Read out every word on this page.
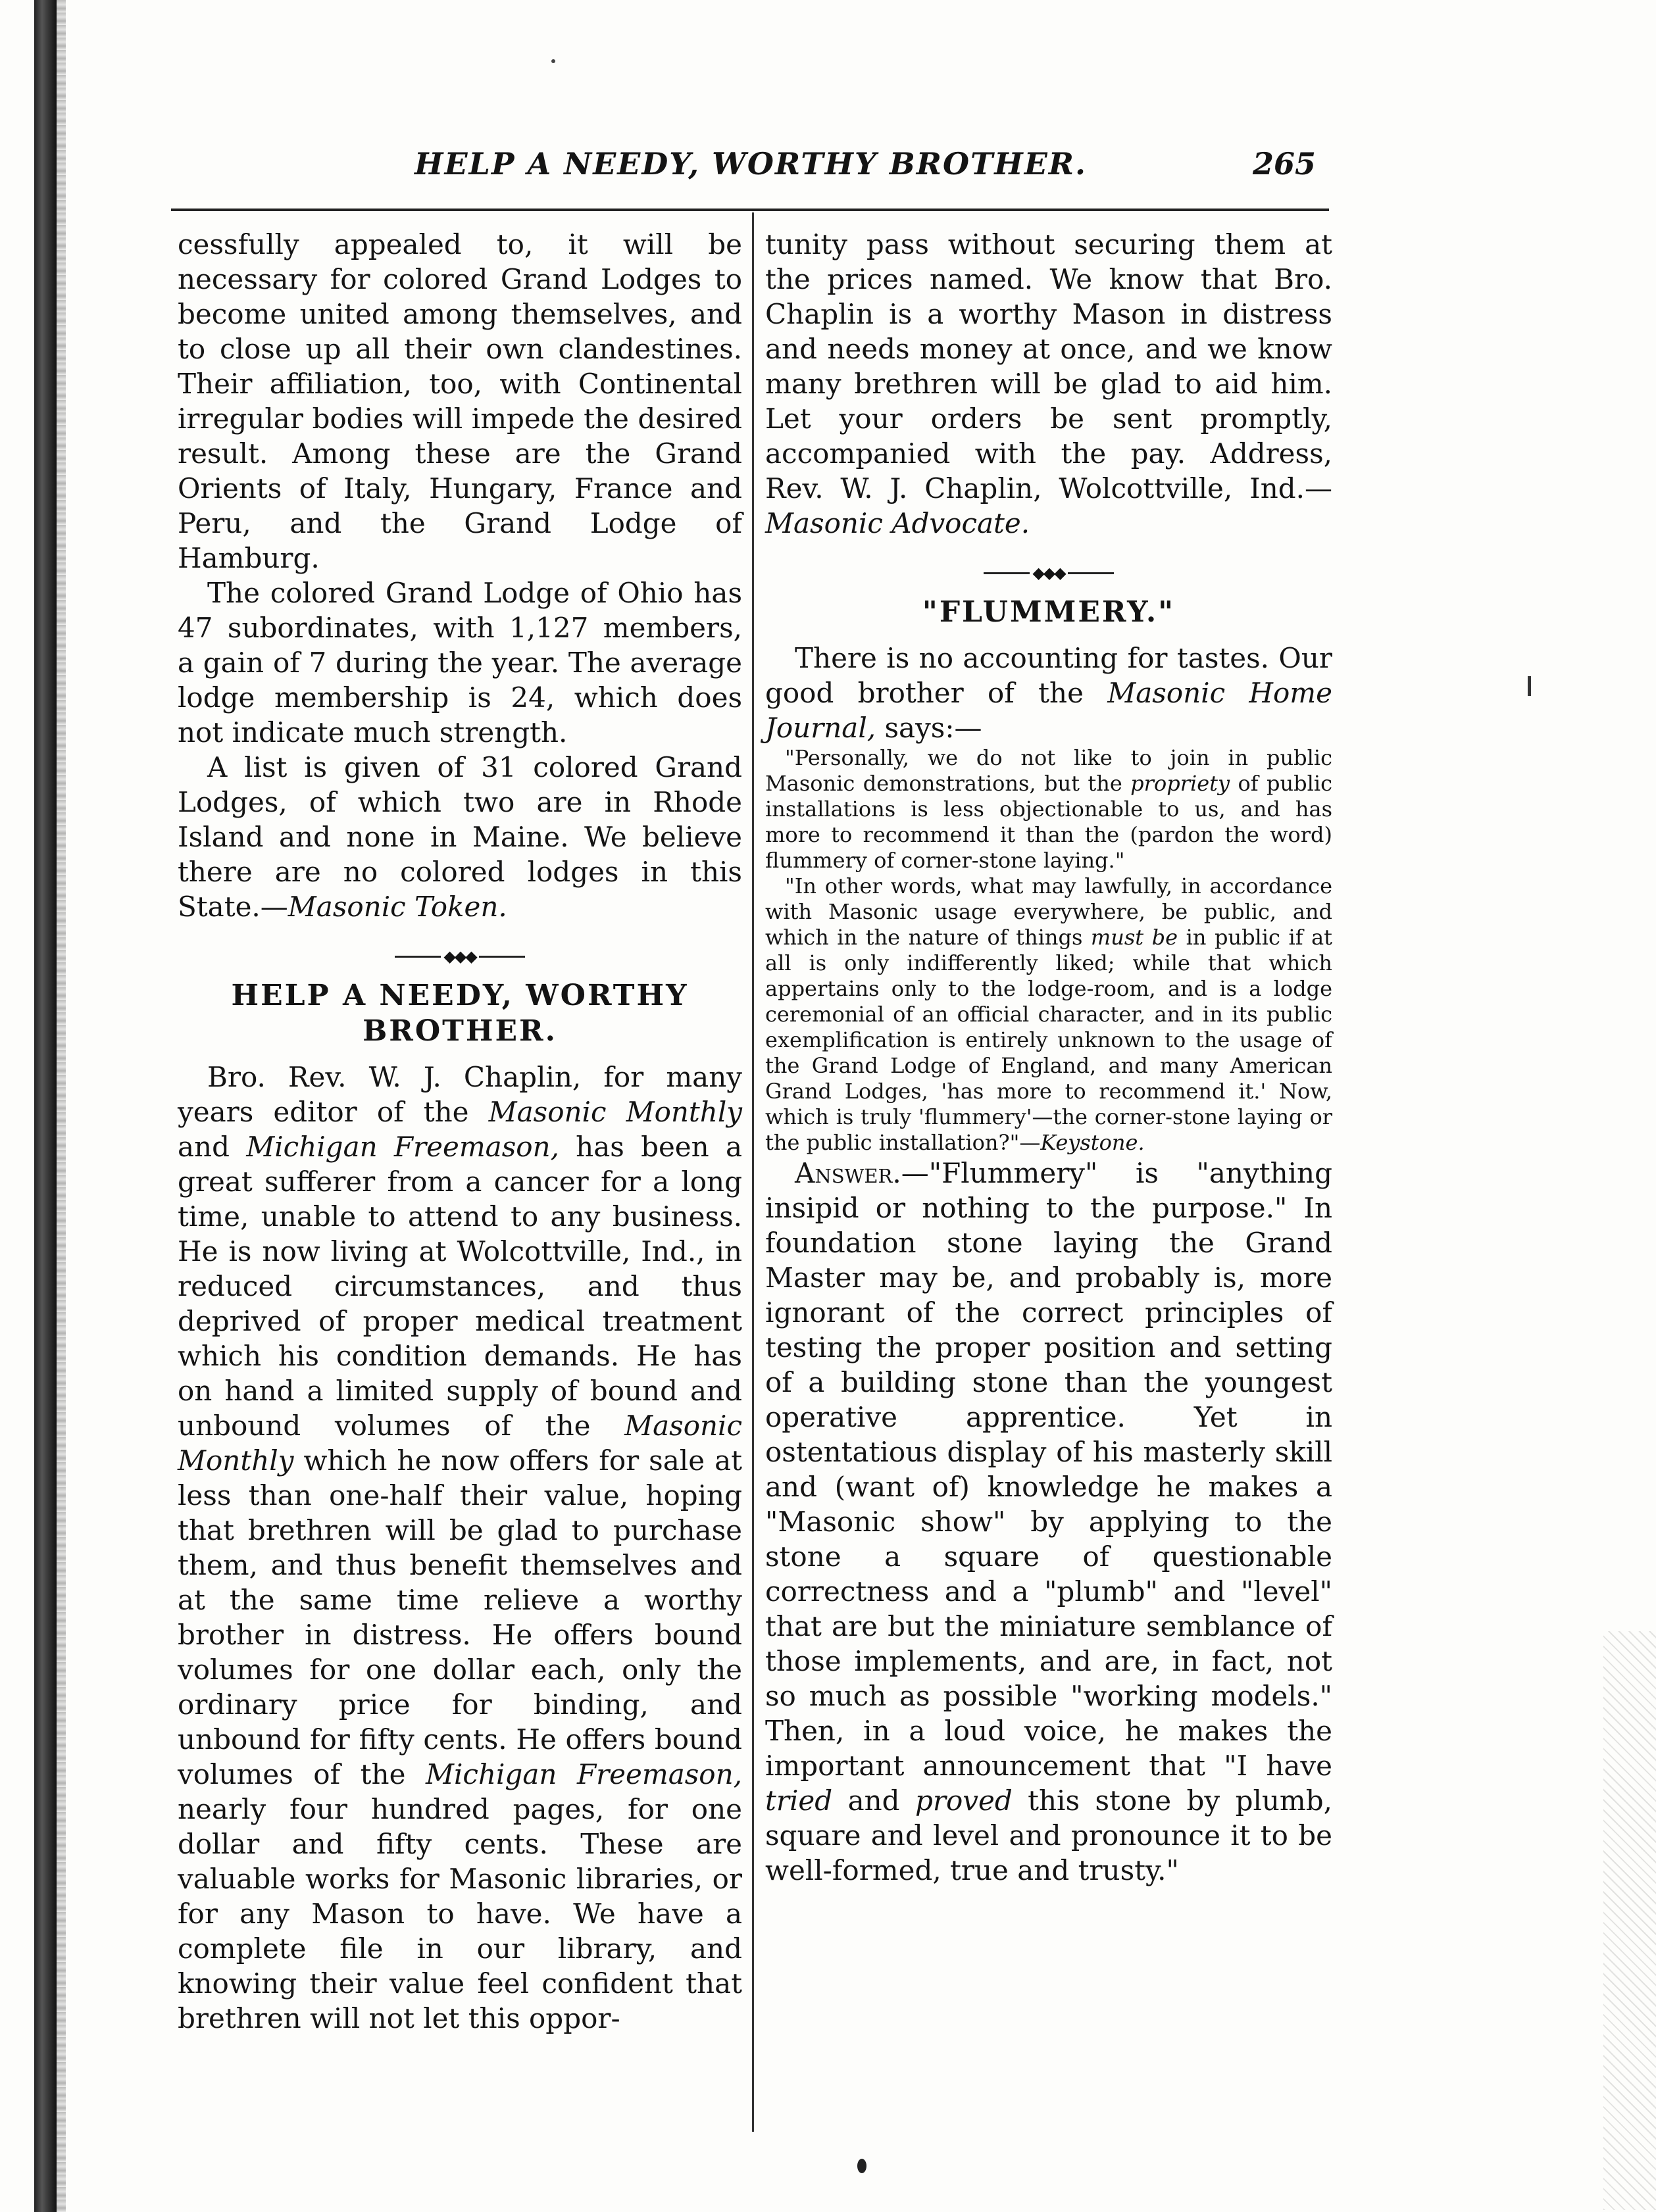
HELP A NEEDY, WORTHY BROTHER.	265

cessfully appealed to, it will be necessary for colored Grand Lodges to become united among themselves, and to close up all their own clandestines. Their affiliation, too, with Continental irregular bodies will impede the desired result. Among these are the Grand Orients of Italy, Hungary, France and Peru, and the Grand Lodge of Hamburg.

The colored Grand Lodge of Ohio has 47 subordinates, with 1,127 members, a gain of 7 during the year. The average lodge membership is 24, which does not indicate much strength.

A list is given of 31 colored Grand Lodges, of which two are in Rhode Island and none in Maine. We believe there are no colored lodges in this State.—Masonic Token.

◆◆◆
HELP A NEEDY, WORTHY BROTHER.

Bro. Rev. W. J. Chaplin, for many years editor of the Masonic Monthly and Michigan Freemason, has been a great sufferer from a cancer for a long time, unable to attend to any business. He is now living at Wolcottville, Ind., in reduced circumstances, and thus deprived of proper medical treatment which his condition demands. He has on hand a limited supply of bound and unbound volumes of the Masonic Monthly which he now offers for sale at less than one-half their value, hoping that brethren will be glad to purchase them, and thus benefit themselves and at the same time relieve a worthy brother in distress. He offers bound volumes for one dollar each, only the ordinary price for binding, and unbound for fifty cents. He offers bound volumes of the Michigan Freemason, nearly four hundred pages, for one dollar and fifty cents. These are valuable works for Masonic libraries, or for any Mason to have. We have a complete file in our library, and knowing their value feel confident that brethren will not let this oppor-

tunity pass without securing them at the prices named. We know that Bro. Chaplin is a worthy Mason in distress and needs money at once, and we know many brethren will be glad to aid him. Let your orders be sent promptly, accompanied with the pay. Address, Rev. W. J. Chaplin, Wolcottville, Ind.—Masonic Advocate.

◆◆◆
"FLUMMERY."

There is no accounting for tastes. Our good brother of the Masonic Home Journal, says:—

"Personally, we do not like to join in public Masonic demonstrations, but the propriety of public installations is less objectionable to us, and has more to recommend it than the (pardon the word) flummery of corner-stone laying."

"In other words, what may lawfully, in accordance with Masonic usage everywhere, be public, and which in the nature of things must be in public if at all is only indifferently liked; while that which appertains only to the lodge-room, and is a lodge ceremonial of an official character, and in its public exemplification is entirely unknown to the usage of the Grand Lodge of England, and many American Grand Lodges, 'has more to recommend it.' Now, which is truly 'flummery'—the corner-stone laying or the public installation?"—Keystone.

Answer.—"Flummery" is "anything insipid or nothing to the purpose." In foundation stone laying the Grand Master may be, and probably is, more ignorant of the correct principles of testing the proper position and setting of a building stone than the youngest operative apprentice. Yet in ostentatious display of his masterly skill and (want of) knowledge he makes a "Masonic show" by applying to the stone a square of questionable correctness and a "plumb" and "level" that are but the miniature semblance of those implements, and are, in fact, not so much as possible "working models." Then, in a loud voice, he makes the important announcement that "I have tried and proved this stone by plumb, square and level and pronounce it to be well-formed, true and trusty."
